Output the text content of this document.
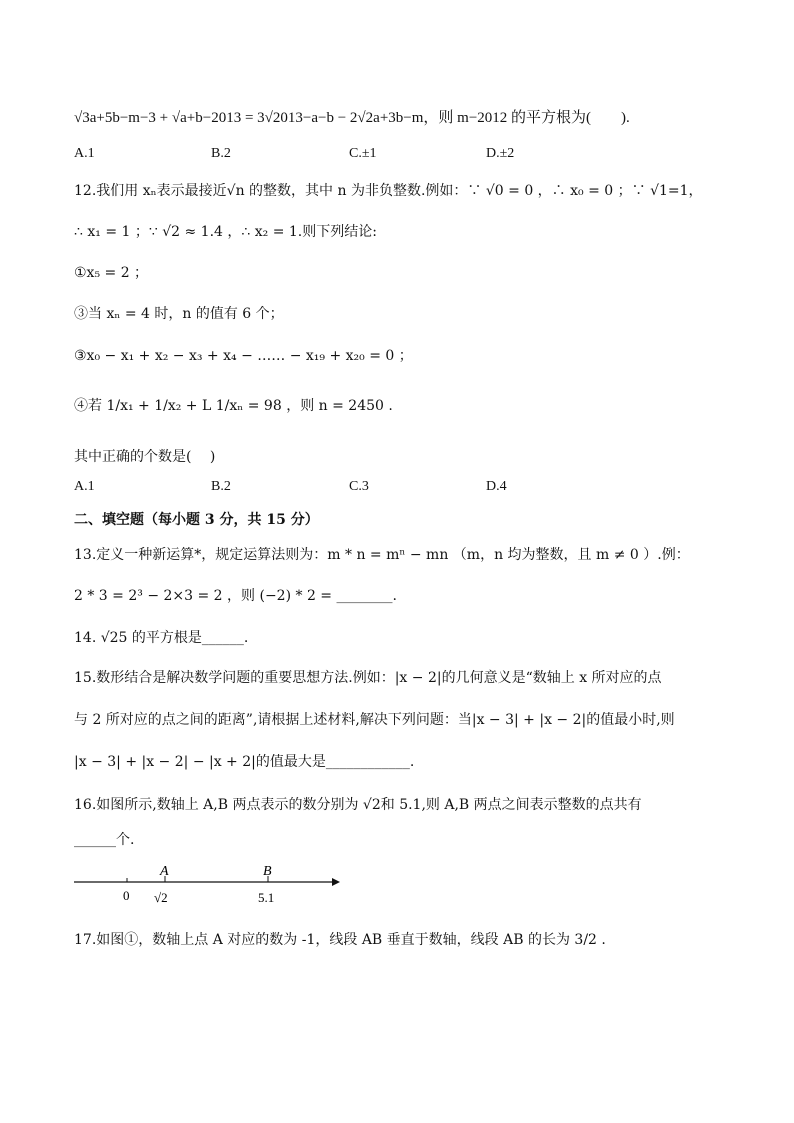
√3a+5b−m−3 + √a+b−2013 = 3√2013−a−b − 2√2a+3b−m，则 m−2012 的平方根为(　　).
A.1	B.2	C.±1	D.±2
12.我们用 xₙ表示最接近√n 的整数，其中 n 为非负整数.例如：∵ √0 = 0 ，∴ x₀ = 0 ；∵ √1=1，
∴ x₁ = 1 ；∵ √2 ≈ 1.4 ，∴ x₂ = 1.则下列结论:
①x₅ = 2 ；
③当 xₙ = 4 时，n 的值有 6 个；
③x₀ − x₁ + x₂ − x₃ + x₄ − …… − x₁₉ + x₂₀ = 0 ；
④若 1/x₁ + 1/x₂ + L 1/xₙ = 98 ，则 n = 2450 .
其中正确的个数是(　 )
A.1	B.2	C.3	D.4
二、填空题（每小题 3 分，共 15 分）
13.定义一种新运算*，规定运算法则为：m * n = mⁿ − mn （m，n 均为整数，且 m ≠ 0 ）.例：
2 * 3 = 2³ − 2×3 = 2 ，则 (−2) * 2 = ________.
14. √25 的平方根是______.
15.数形结合是解决数学问题的重要思想方法.例如：|x − 2|的几何意义是“数轴上 x 所对应的点
与 2 所对应的点之间的距离”,请根据上述材料,解决下列问题：当|x − 3| + |x − 2|的值最小时,则
|x − 3| + |x − 2| − |x + 2|的值最大是____________.
16.如图所示,数轴上 A,B 两点表示的数分别为 √2和 5.1,则 A,B 两点之间表示整数的点共有
______个.
A	B
0 √2	5.1
17.如图①，数轴上点 A 对应的数为 -1，线段 AB 垂直于数轴，线段 AB 的长为 3/2 .
